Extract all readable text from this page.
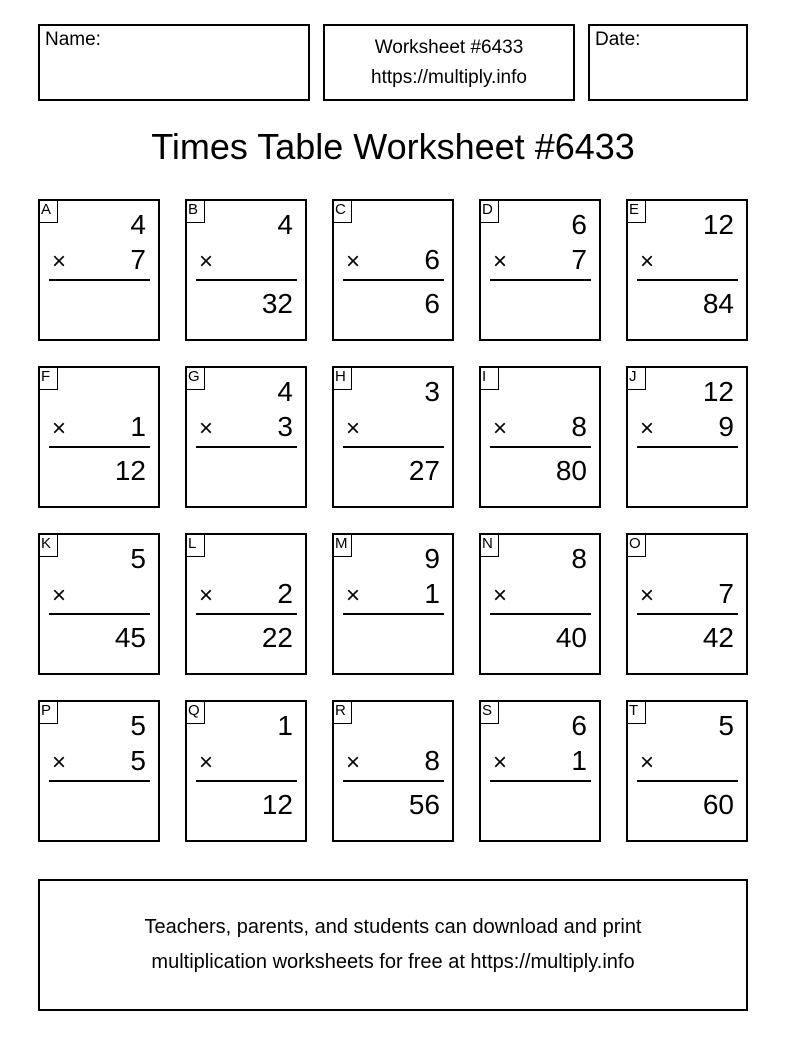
Name:	Worksheet #6433
https://multiply.info
Date:
Times Table Worksheet #6433
A	4
× 7
B	4
×
32
C
× 6
6
D	6
× 7
E 12
×
84
F
× 1
12
G	4
× 3
H	3
×
27
I
× 8
80
J	12
× 9
K	5
×
45
L
× 2
22
M	9
× 1
N	8
×
40
O
× 7
42
P	5
× 5
Q	1
×
12
R
× 8
56
S	6
× 1
T	5
×
60
Teachers, parents, and students can download and print
multiplication worksheets for free at https://multiply.info
